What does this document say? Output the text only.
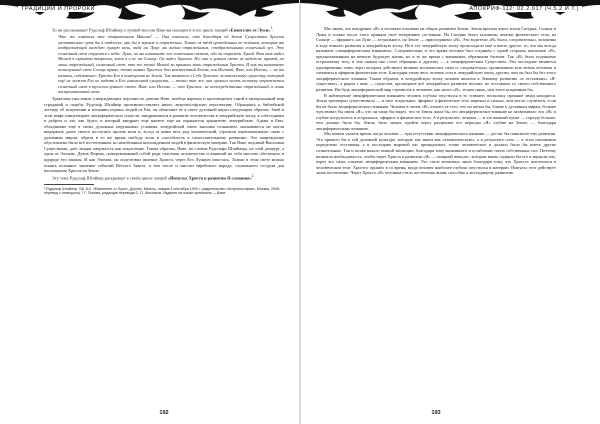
ТРАДИЦИИ И ПРОРОКИ

То же рассказывает Рудольф Штайнер о лунной миссии Яхве вы находим и в его цикле лекций «Евангелие от Луки»$^1$:

Что же означала эта отправленная Машин? — Она означала, что благодаря ей Земля Существам Христа мечтательно чуть бы в отблеске, как бы в зеркале в отражении. Только из звёзд проведённых по зелёным, которые вы изображающей каждую лунную ночь, видя на Луну: вы видим отражённым, отображёнными солнечный луч. Это солнечный свет струится с неба: Луна, по вы называете его солнечным светом, обо он отражён Луной. Вот так видел Мешей в скрытом творении, хотя я и не на Солнце. Он видел Христа. Но, как в лунном свете не видит не прямой, но лишь отражённый, солнечный свет, так же точно Мешей во прямым лишь отражённым Христа. И как вы называете полнолунный свет Солнце прямо, точно назвал Христос был неизвестный Богом, или Иеговой, Яхве, или Иегова, — не вы назвали, собственно: Христа Его в помещении не Земли. Так является о Себе Христос человеческому существу, который ещё не может Его не видеть в Его самоличной сущности, — точно так же, как лунного часть человеку отражается солнечный свет в тусклом лунного света. Яхве, или Иегова, — это Христос, не непосредственно отражённый, а лишь воспринимаемый свет.

Трактовка гностиков, утверждающих порочность демона Яхве, вообще наречно и противоречит такой в материальный мир страданий и скорби, Рудольф Штайнер противопоставляет иную, антропософскую перспективу. Обращаясь к библейской легенде об искушении и изгнании первых людей из Рая, он объясняет её в свете духовной науки следующим образом. Змей в этом мифе олицетворяет люциферических существ, внедрившихся в развитие человечества в лемурийскую эпоху, а собеседники в добром и зле, как будто, в который внедряет ещё нашего еще не охранителя хранителю лемурийские. Адама и Евы, обладавшие ещё в своих духовных нерушимых условиях лемурийской эпохе высшим сознанием, оказываются не могли выдержать далее своего поступить против воли и, вслед за ними весь род человеческий, утратили первоначальную связь с духовным миром, обретя в то же время свободу воли и способность к самостоятельному развитию. Это повреждение обусловлено было всё постепенным, но неизбежным нисхождением людей в физическую материю. Так Яхве, ведомый Высшими Существами, даёт людям смертность как искупление. Таким образом, Яхве, по словам Рудольфа Штайнера, не злой демиург, а один из Элохим, Духов Формы, пожертвовавший собой ради спасения человечества и взявший на себя миссию обеспечить в природе его законы. И как Элохим, он подготовил явление Христа, через Его Лунную ипостась. Только в этом свете можно понять истинное значение событий Ветхого Завета, в том числе и миссии еврейского народа, служившего сосудом для воплощения Христа на Земле.

Эту тему Рудольф Штайнер раскрывает в своём цикле лекций «Импульс Христа в развитии Я-сознания»$^2$.

¹ Рудольф Штайнер, GA 114, «Евангелие от Луки», Дорнах, Базель, лекция 3 сентября 1909 г. (издательство «Антропософия», Москва, 2006; перевод с немецкого). ² Г. Попова, редакция перевода С. П. Шестаков. Издание на языке оригинала — Base.
192
АПОКРИФ-112: 02.2.017 (Ч.5.2 И Т.)

Мы знаем, что внедрение «Я» в человека основано на общих развитии Земли. Земля прошла через эпохи Сатурна, Солнца и Луны и только после этого приняла своё теперешнее состояние. На Сатурне были заложены зачатки физического тела, на Солнце — эфирного, на Луне — астрального, на Земле — присоединено «Я». Эти водители «Я» были, следовательно, заложены в ходе земного развития в лемурийскую эпоху. Но в эту лемурийскую эпоху происходило ещё и нечто другое: то, что мы всегда называем «люциферическим влиянием». Следовательно, в это время человек был соединён с одной стороны, высшими «Я», предназначенным на вечную будущую жизнь, но в то же время с внешними, обратными бытием. Так «Я» было подчинено астральному телу, и тем самым оно стало обращено к другому — к люциферическим Существам. Эти последние являются одновременно теми, через которых действуют великие космические силы и, следовательно, пронизывали всю жизнь человека и элементы в эфирном физическом теле. Благодаря этому весь человек стал в лемурийскую эпоху другим, чем он был бы без этого люциферического влияния. Таким образом, в лемурийскую эпоху человек являлся к Земному развитию «в отставших» «Я-существах», а рядом с ним — существа, прошедшие всё лемурийское развитие вполне; но отставшие от своего собственного развития. Им будь люциферический мир стремился в человеке, как нечто «Я», теснее иных, чем этого искренним бы.

В наблюдение люциферическим влиянием человек глубоко опустился в то ставшее, поскольку прежние люди находятся. Земля чрезмерно существовало — в свое астральное, эфирное и физическое тело нарочно и сильно, чем могло случиться, если бы не было люциферического влияния. Человек в своем «Я» отошёл от того, что он желал бы, ближе к духовным мирам, больше чувствовал бы связи «Я», что он чаще бы видел, что то Земля жила бы, его люциферическое влияние не захватывало эти «Я» и глубже погрузилось в астральное, эфирное и физическое тело. А в результате, человек — и это важный пункт — гораздо больше, чем должно было бы. Земля, быть может, пройти через различные его периоды «Я» глубже на Земле, — благодаря люциферическому влиянию.

Мы можем указать время, когда человек — при отсутствии люциферического влияния — достиг бы понятного ему развития. Это привело бы к той духовной культуре, которую мы знаем как «атлантическую», а в результате сила — в этом отношении определено отставшая, а в последние мировой час принадлежит, точно человеческое и должно было бы иметь другие сознательные. Так и позже начало земной эволюции, благодаря тому вызвавшего и ослабление своих собственных сил. Поэтому возникла необходимость, чтобы через Христа в развитии «Я» — мощный импульс, которые вновь подняли бы его и вернули ему, через это силы, отнятые люциферическим влиянием. Это стало возможно лишь благодаря тому, что Христос воплотился в человеческом теле. Христос пришёл в то время, когда человек наиболее глубоко опустился в материю. Импульс этот действует лишь постепенно. Через Христа «Я» человека стало постепенно вновь способно к восходящему развитию.

193
